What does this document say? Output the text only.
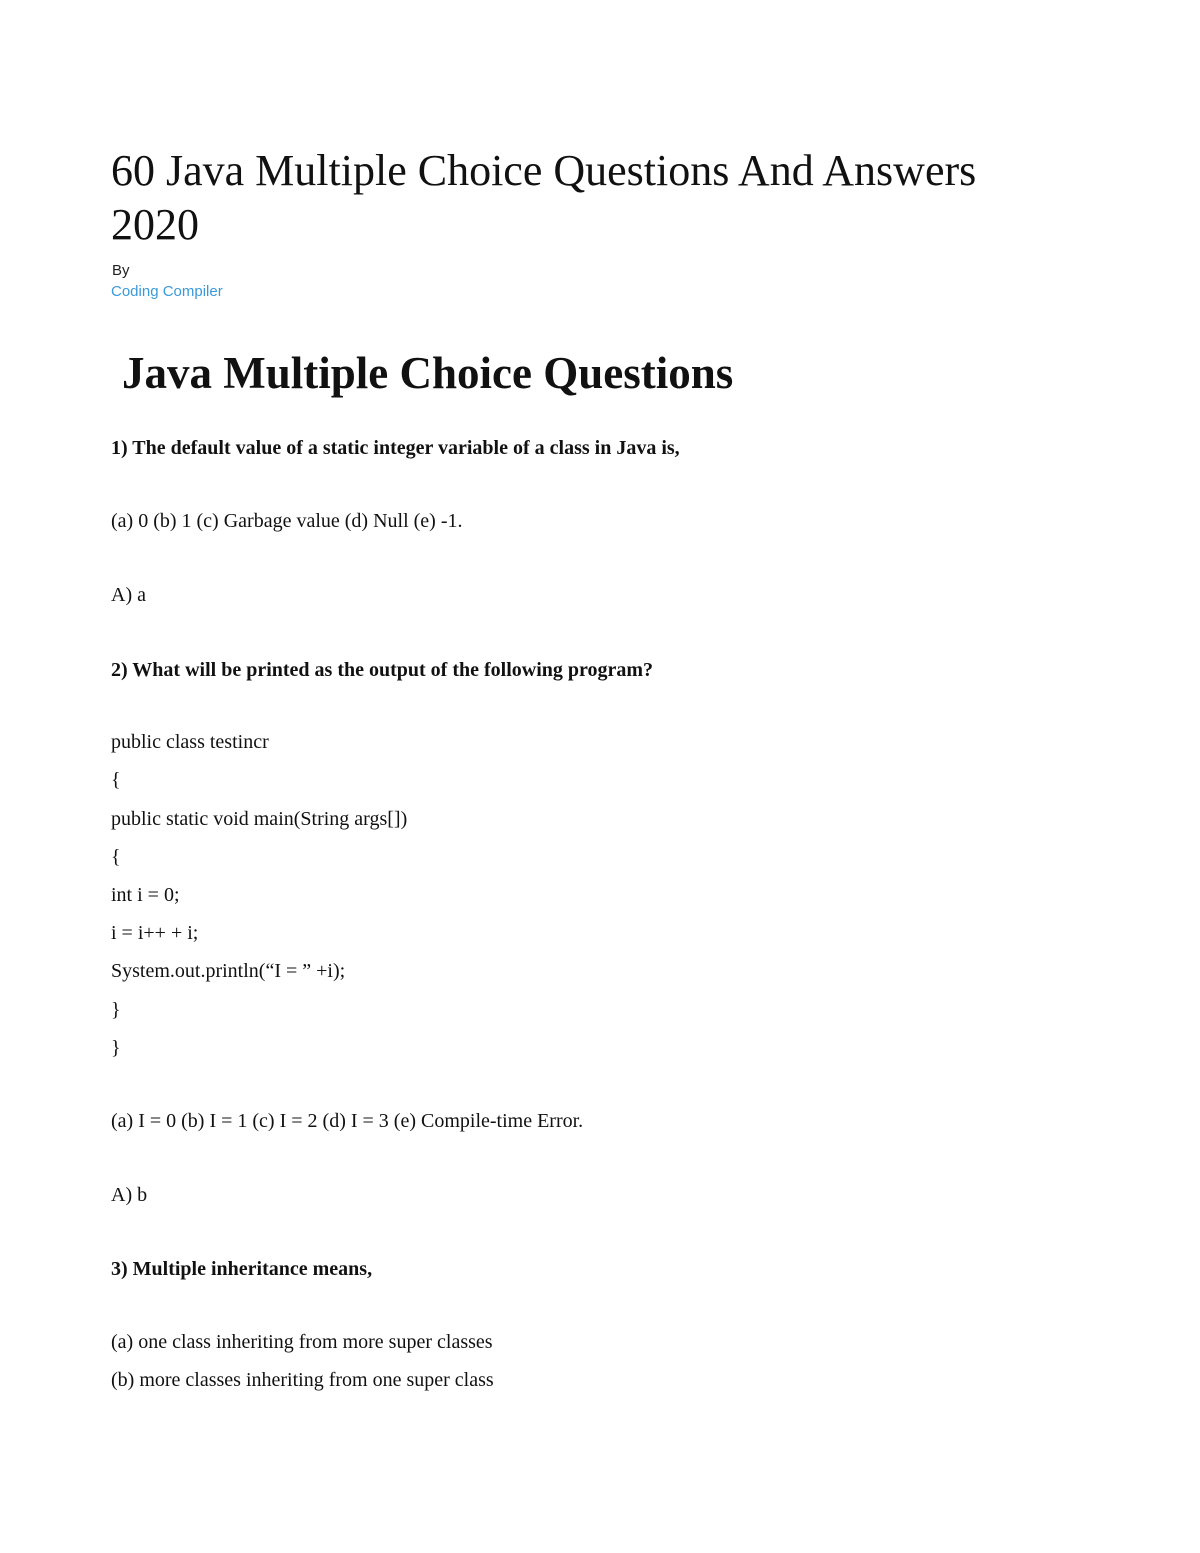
60 Java Multiple Choice Questions And Answers
2020
By
Coding Compiler
Java Multiple Choice Questions
1) The default value of a static integer variable of a class in Java is,
(a) 0 (b) 1 (c) Garbage value (d) Null (e) -1.
A) a
2) What will be printed as the output of the following program?
public class testincr
{
public static void main(String args[])
{
int i = 0;
i = i++ + i;
System.out.println(“I = ” +i);
}
}
(a) I = 0 (b) I = 1 (c) I = 2 (d) I = 3 (e) Compile-time Error.
A) b
3) Multiple inheritance means,
(a) one class inheriting from more super classes
(b) more classes inheriting from one super class
